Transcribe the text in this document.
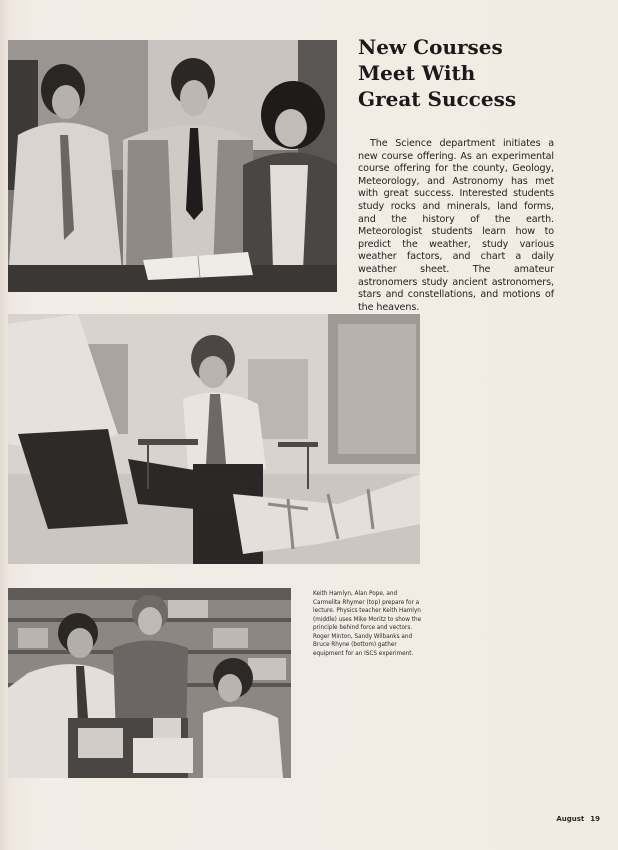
New Courses
Meet With
Great Success

The Science department initiates a new course offering. As an experimental course offering for the county, Geology, Meteorology, and Astronomy has met with great success. Interested students study rocks and minerals, land forms, and the history of the earth. Meteorologist students learn how to predict the weather, study various weather factors, and chart a daily weather sheet. The amateur astronomers study ancient astronomers, stars and constellations, and motions of the heavens.

Keith Hamlyn, Alan Pope, and Carmelita Rhymer (top) prepare for a lecture. Physics teacher Keith Hamlyn (middle) uses Mike Moritz to show the principle behind force and vectors. Roger Minton, Sandy Wilbanks and Bruce Rhyne (bottom) gather equipment for an ISCS experiment.

August 19
